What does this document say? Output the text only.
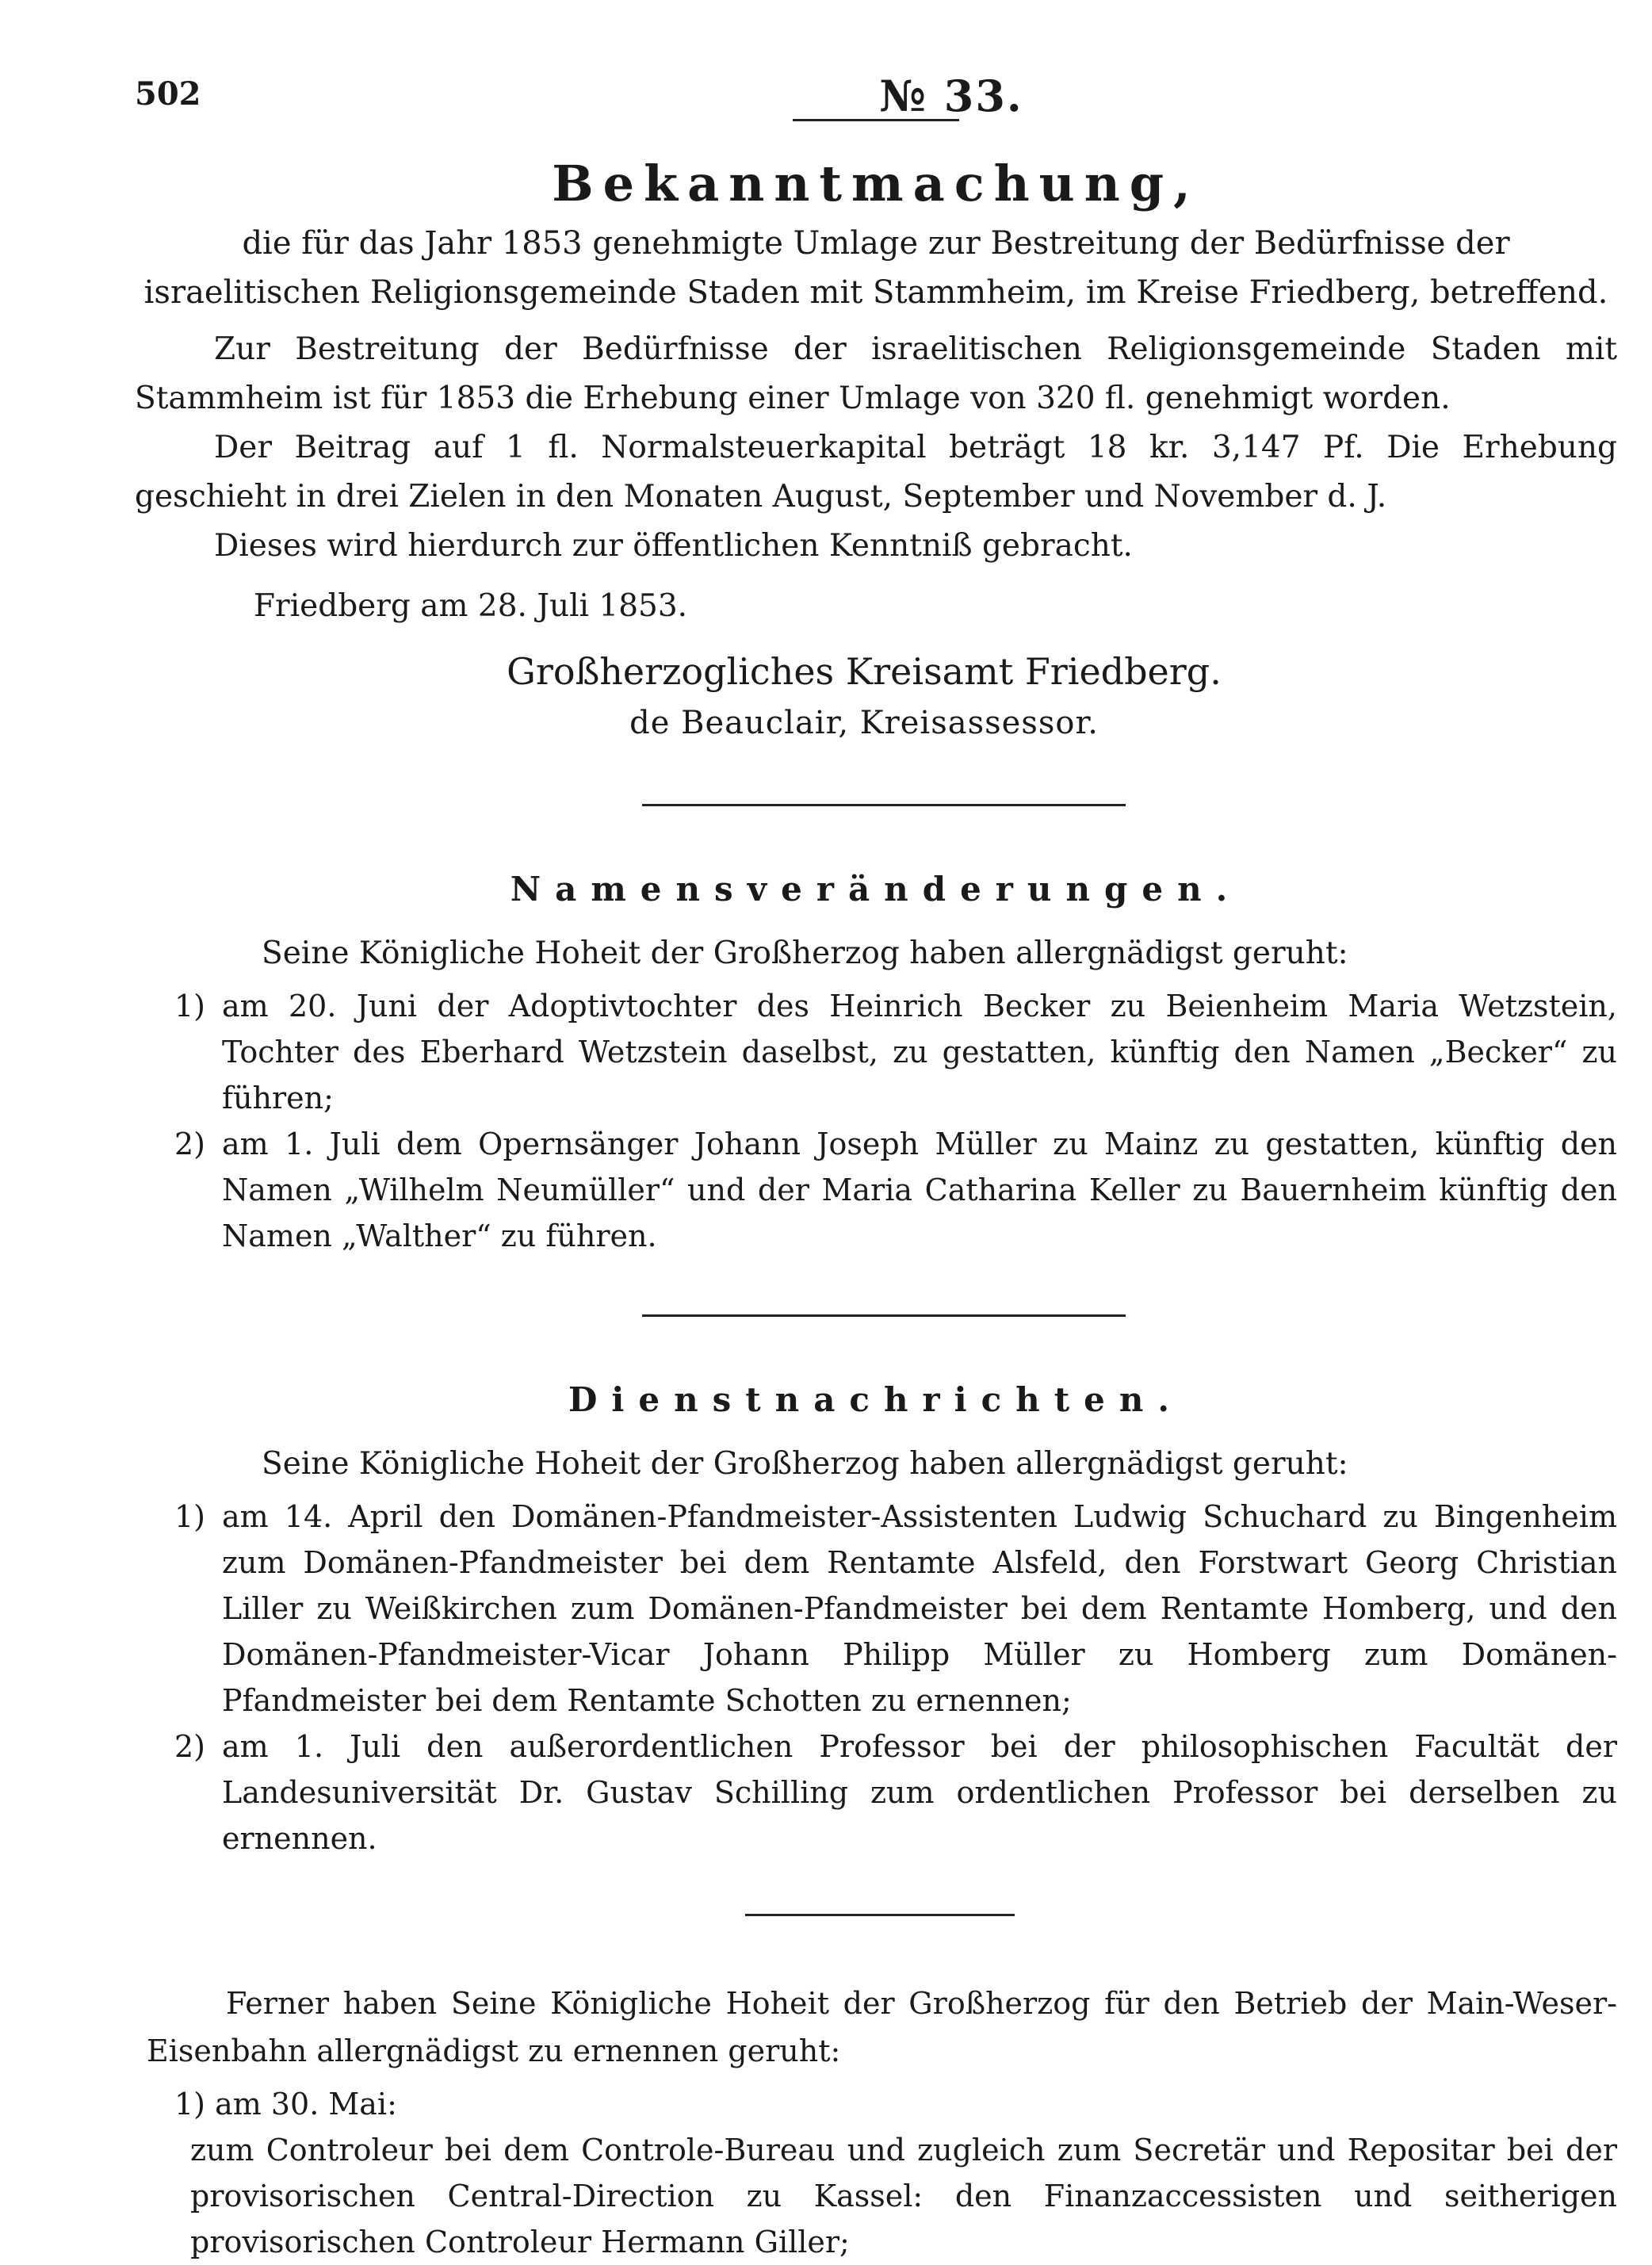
502	№ 33.
Bekanntmachung,

die für das Jahr 1853 genehmigte Umlage zur Bestreitung der Bedürfnisse der israelitischen Religionsgemeinde Staden mit Stammheim, im Kreise Friedberg, betreffend.

Zur Bestreitung der Bedürfnisse der israelitischen Religionsgemeinde Staden mit Stammheim ist für 1853 die Erhebung einer Umlage von 320 fl. genehmigt worden.

Der Beitrag auf 1 fl. Normalsteuerkapital beträgt 18 kr. 3,147 Pf. Die Erhebung geschieht in drei Zielen in den Monaten August, September und November d. J.

Dieses wird hierdurch zur öffentlichen Kenntniß gebracht.

Friedberg am 28. Juli 1853.

Großherzogliches Kreisamt Friedberg.

de Beauclair, Kreisassessor.

Namensveränderungen.

Seine Königliche Hoheit der Großherzog haben allergnädigst geruht:

1) am 20. Juni der Adoptivtochter des Heinrich Becker zu Beienheim Maria Wetzstein, Tochter des Eberhard Wetzstein daselbst, zu gestatten, künftig den Namen „Becker“ zu führen;

2) am 1. Juli dem Opernsänger Johann Joseph Müller zu Mainz zu gestatten, künftig den Namen „Wilhelm Neumüller“ und der Maria Catharina Keller zu Bauernheim künftig den Namen „Walther“ zu führen.

Dienstnachrichten.

Seine Königliche Hoheit der Großherzog haben allergnädigst geruht:

1) am 14. April den Domänen-Pfandmeister-Assistenten Ludwig Schuchard zu Bingenheim zum Domänen-Pfandmeister bei dem Rentamte Alsfeld, den Forstwart Georg Christian Liller zu Weißkirchen zum Domänen-Pfandmeister bei dem Rentamte Homberg, und den Domänen-Pfandmeister-Vicar Johann Philipp Müller zu Homberg zum Domänen-Pfandmeister bei dem Rentamte Schotten zu ernennen;

2) am 1. Juli den außerordentlichen Professor bei der philosophischen Facultät der Landesuniversität Dr. Gustav Schilling zum ordentlichen Professor bei derselben zu ernennen.

Ferner haben Seine Königliche Hoheit der Großherzog für den Betrieb der Main-Weser-Eisenbahn allergnädigst zu ernennen geruht:

1) am 30. Mai:

zum Controleur bei dem Controle-Bureau und zugleich zum Secretär und Repositar bei der provisorischen Central-Direction zu Kassel: den Finanzaccessisten und seitherigen provisorischen Controleur Hermann Giller;
